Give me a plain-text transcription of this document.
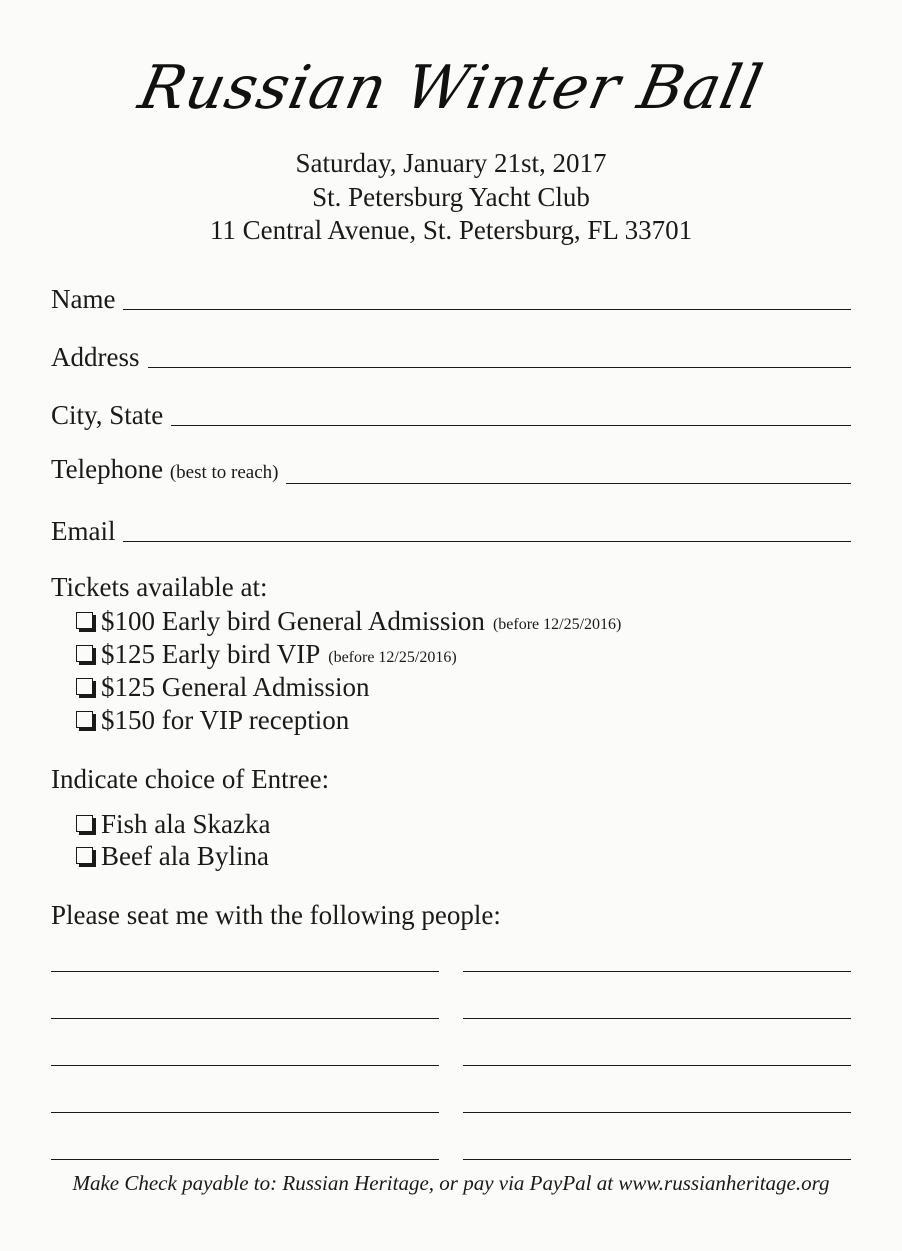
Russian Winter Ball
Saturday, January 21st, 2017
St. Petersburg Yacht Club
11 Central Avenue, St. Petersburg, FL 33701
Name
Address
City, State
Telephone (best to reach)
Email
Tickets available at:
$100 Early bird General Admission (before 12/25/2016)
$125 Early bird VIP (before 12/25/2016)
$125 General Admission
$150 for VIP reception
Indicate choice of Entree:
Fish ala Skazka
Beef ala Bylina
Please seat me with the following people:
Make Check payable to: Russian Heritage, or pay via PayPal at www.russianheritage.org
